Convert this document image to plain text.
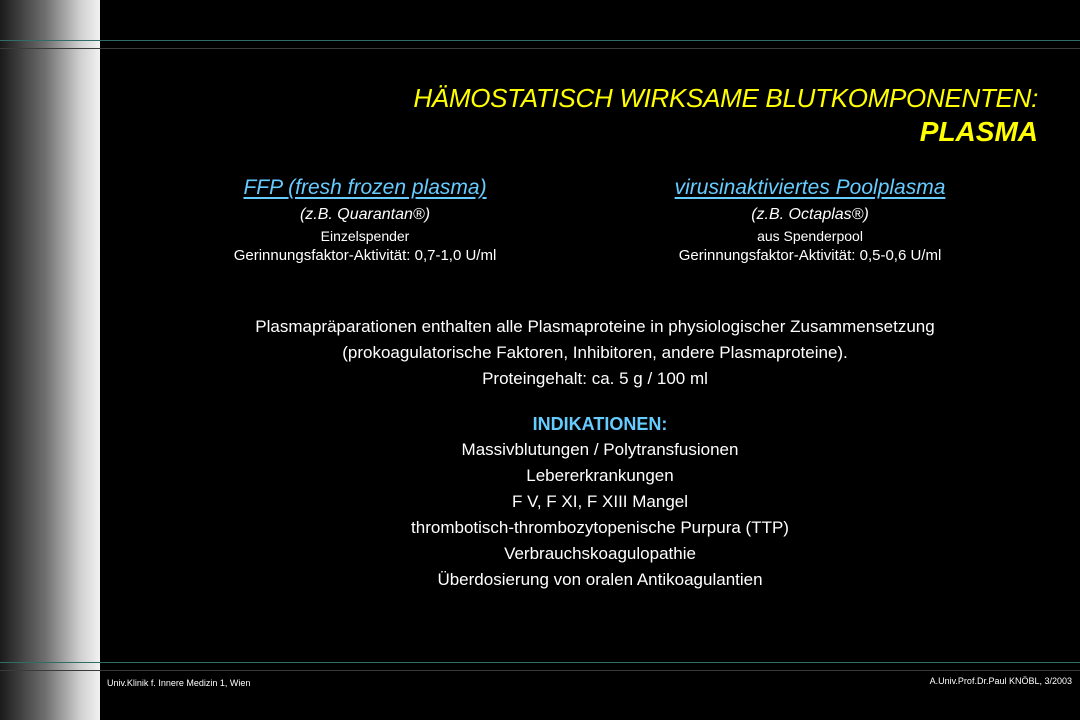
HÄMOSTATISCH WIRKSAME BLUTKOMPONENTEN:
PLASMA
FFP (fresh frozen plasma)
(z.B. Quarantan®)
Einzelspender
Gerinnungsfaktor-Aktivität: 0,7-1,0 U/ml
virusinaktiviertes Poolplasma
(z.B. Octaplas®)
aus Spenderpool
Gerinnungsfaktor-Aktivität: 0,5-0,6 U/ml
Plasmapräparationen enthalten alle Plasmaproteine in physiologischer Zusammensetzung
(prokoagulatorische Faktoren, Inhibitoren, andere Plasmaproteine).
Proteingehalt: ca. 5 g / 100 ml
INDIKATIONEN:
Massivblutungen / Polytransfusionen
Lebererkrankungen
F V, F XI, F XIII Mangel
thrombotisch-thrombozytopenische Purpura (TTP)
Verbrauchskoagulopathie
Überdosierung von oralen Antikoagulantien
Univ.Klinik f. Innere Medizin 1, Wien	A.Univ.Prof.Dr.Paul KNÖBL, 3/2003
